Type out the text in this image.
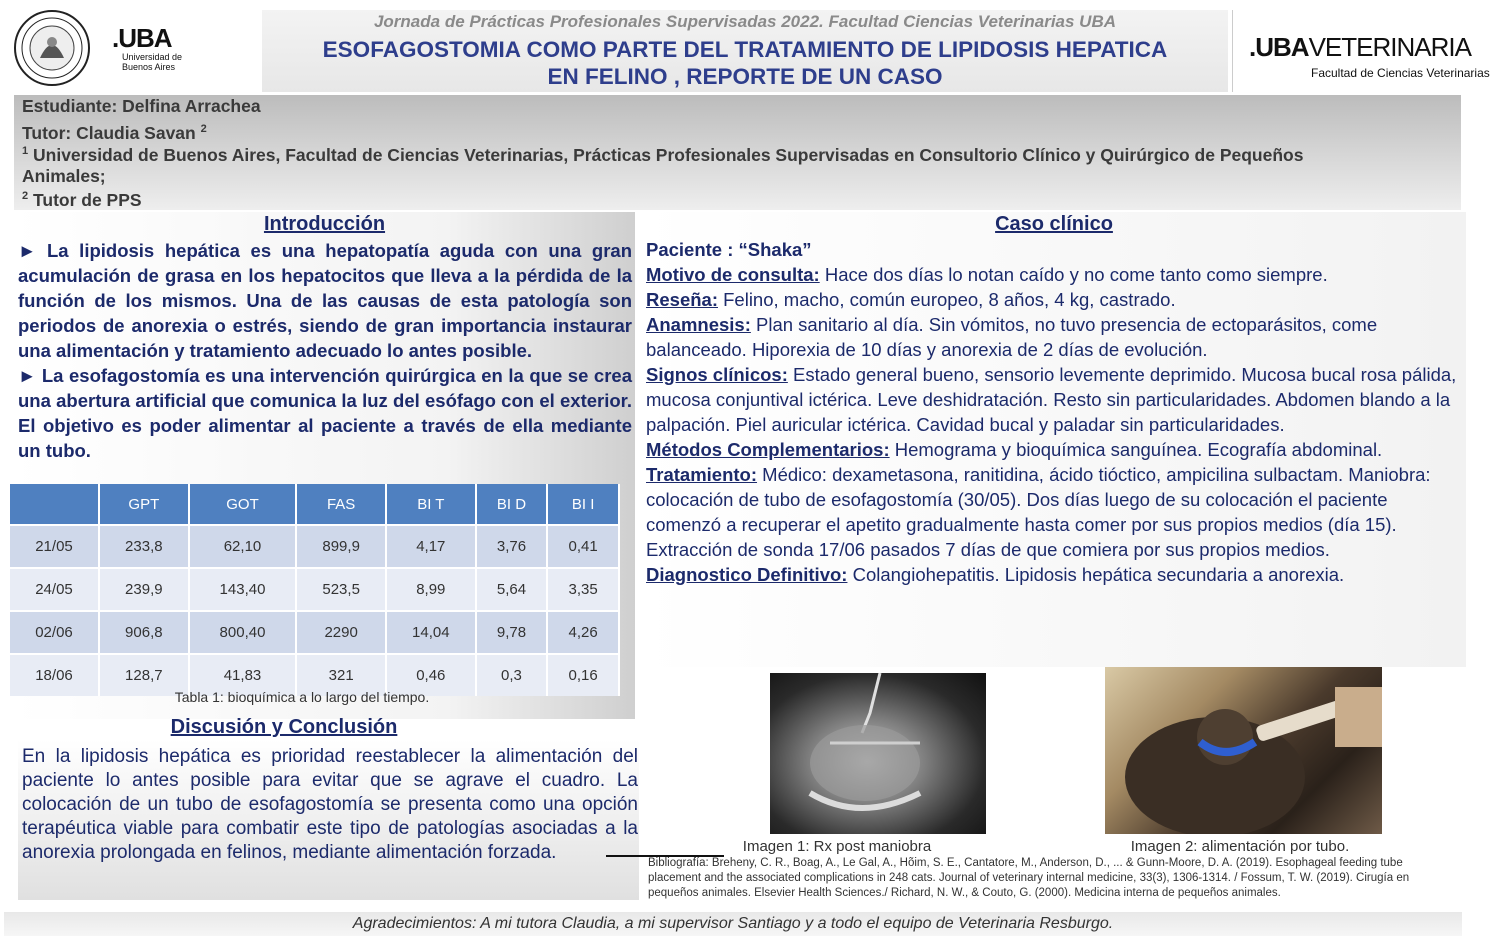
.UBA
Universidad de
Buenos Aires
Jornada de Prácticas Profesionales Supervisadas 2022. Facultad Ciencias Veterinarias UBA
ESOFAGOSTOMIA COMO PARTE DEL TRATAMIENTO DE LIPIDOSIS HEPATICA
EN FELINO , REPORTE DE UN CASO
.UBAVETERINARIA
Facultad de Ciencias Veterinarias
Estudiante: Delfina Arrachea
Tutor: Claudia Savan $^2$
$^1$ Universidad de Buenos Aires, Facultad de Ciencias Veterinarias, Prácticas Profesionales Supervisadas en Consultorio Clínico y Quirúrgico de Pequeños
Animales;
$^2$ Tutor de PPS
Introducción

► La lipidosis hepática es una hepatopatía aguda con una gran acumulación de grasa en los hepatocitos que lleva a la pérdida de la función de los mismos. Una de las causas de esta patología son periodos de anorexia o estrés, siendo de gran importancia instaurar una alimentación y tratamiento adecuado lo antes posible.

► La esofagostomía es una intervención quirúrgica en la que se crea una abertura artificial que comunica la luz del esófago con el exterior. El objetivo es poder alimentar al paciente a través de ella mediante un tubo.

	GPT	GOT	FAS	BI T	BI D	BI I
21/05	233,8	62,10	899,9	4,17	3,76	0,41
24/05	239,9	143,40	523,5	8,99	5,64	3,35
02/06	906,8	800,40	2290	14,04	9,78	4,26
18/06	128,7	41,83	321	0,46	0,3	0,16
Tabla 1: bioquímica a lo largo del tiempo.
Discusión y Conclusión
En la lipidosis hepática es prioridad reestablecer la alimentación del paciente lo antes posible para evitar que se agrave el cuadro. La colocación de un tubo de esofagostomía se presenta como una opción terapéutica viable para combatir este tipo de patologías asociadas a la anorexia prolongada en felinos, mediante alimentación forzada.
Caso clínico

Paciente : “Shaka”

Motivo de consulta: Hace dos días lo notan caído y no come tanto como siempre.

Reseña: Felino, macho, común europeo, 8 años, 4 kg, castrado.

Anamnesis: Plan sanitario al día. Sin vómitos, no tuvo presencia de ectoparásitos, come balanceado. Hiporexia de 10 días y anorexia de 2 días de evolución.

Signos clínicos: Estado general bueno, sensorio levemente deprimido. Mucosa bucal rosa pálida, mucosa conjuntival ictérica. Leve deshidratación. Resto sin particularidades. Abdomen blando a la palpación. Piel auricular ictérica. Cavidad bucal y paladar sin particularidades.

Métodos Complementarios: Hemograma y bioquímica sanguínea. Ecografía abdominal.

Tratamiento: Médico: dexametasona, ranitidina, ácido tióctico, ampicilina sulbactam. Maniobra: colocación de tubo de esofagostomía (30/05). Dos días luego de su colocación el paciente comenzó a recuperar el apetito gradualmente hasta comer por sus propios medios (día 15). Extracción de sonda 17/06 pasados 7 días de que comiera por sus propios medios.

Diagnostico Definitivo: Colangiohepatitis. Lipidosis hepática secundaria a anorexia.

Imagen 1: Rx post maniobra	Imagen 2: alimentación por tubo.
Bibliografía: Breheny, C. R., Boag, A., Le Gal, A., Hõim, S. E., Cantatore, M., Anderson, D., ... & Gunn-Moore, D. A. (2019). Esophageal feeding tube placement and the associated complications in 248 cats. Journal of veterinary internal medicine, 33(3), 1306-1314. / Fossum, T. W. (2019). Cirugía en pequeños animales. Elsevier Health Sciences./ Richard, N. W., & Couto, G. (2000). Medicina interna de pequeños animales.
Agradecimientos: A mi tutora Claudia, a mi supervisor Santiago y a todo el equipo de Veterinaria Resburgo.
